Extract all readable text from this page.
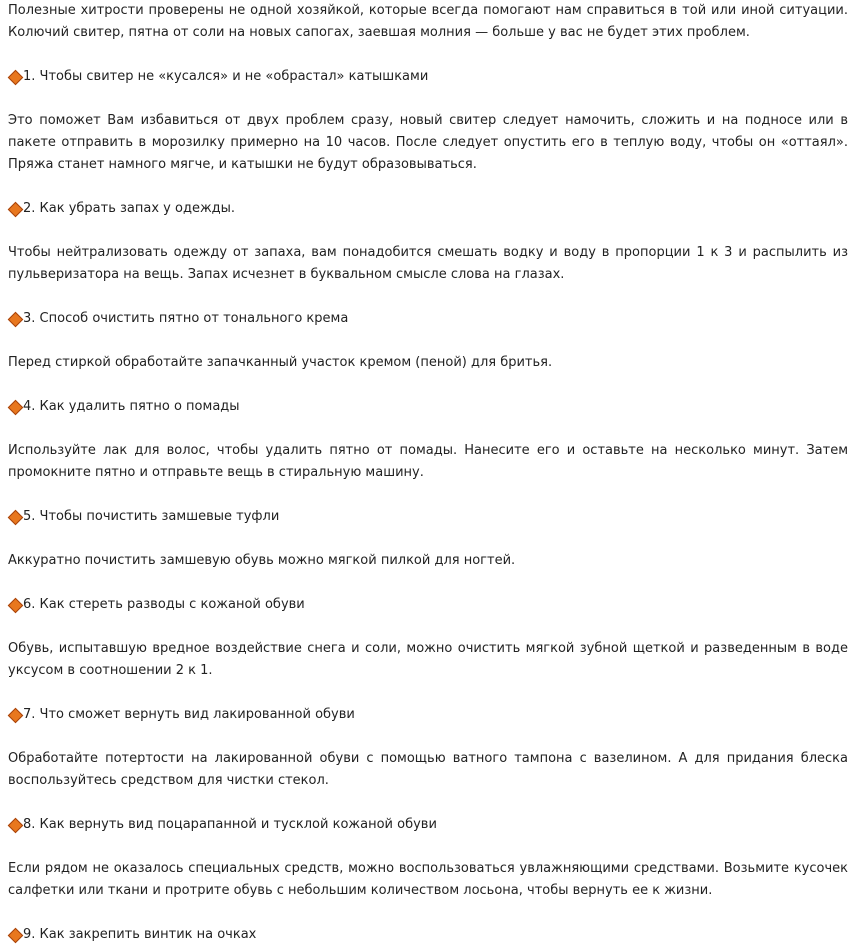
Полезные хитрости проверены не одной хозяйкой, которые всегда помогают нам справиться в той или иной ситуации.
Колючий свитер, пятна от соли на новых сапогах, заевшая молния — больше у вас не будет этих проблем.
1. Чтобы свитер не «кусался» и не «обрастал» катышками
Это поможет Вам избавиться от двух проблем сразу, новый свитер следует намочить, сложить и на подносе или в
пакете отправить в морозилку примерно на 10 часов. После следует опустить его в теплую воду, чтобы он «оттаял».
Пряжа станет намного мягче, и катышки не будут образовываться.
2. Как убрать запах у одежды.
Чтобы нейтрализовать одежду от запаха, вам понадобится смешать водку и воду в пропорции 1 к 3 и распылить из
пульверизатора на вещь. Запах исчезнет в буквальном смысле слова на глазах.
3. Способ очистить пятно от тонального крема
Перед стиркой обработайте запачканный участок кремом (пеной) для бритья.
4. Как удалить пятно о помады
Используйте лак для волос, чтобы удалить пятно от помады. Нанесите его и оставьте на несколько минут. Затем
промокните пятно и отправьте вещь в стиральную машину.
5. Чтобы почистить замшевые туфли
Аккуратно почистить замшевую обувь можно мягкой пилкой для ногтей.
6. Как стереть разводы с кожаной обуви
Обувь, испытавшую вредное воздействие снега и соли, можно очистить мягкой зубной щеткой и разведенным в воде
уксусом в соотношении 2 к 1.
7. Что сможет вернуть вид лакированной обуви
Обработайте потертости на лакированной обуви с помощью ватного тампона с вазелином. А для придания блеска
воспользуйтесь средством для чистки стекол.
8. Как вернуть вид поцарапанной и тусклой кожаной обуви
Если рядом не оказалось специальных средств, можно воспользоваться увлажняющими средствами. Возьмите кусочек
салфетки или ткани и протрите обувь с небольшим количеством лосьона, чтобы вернуть ее к жизни.
9. Как закрепить винтик на очках
